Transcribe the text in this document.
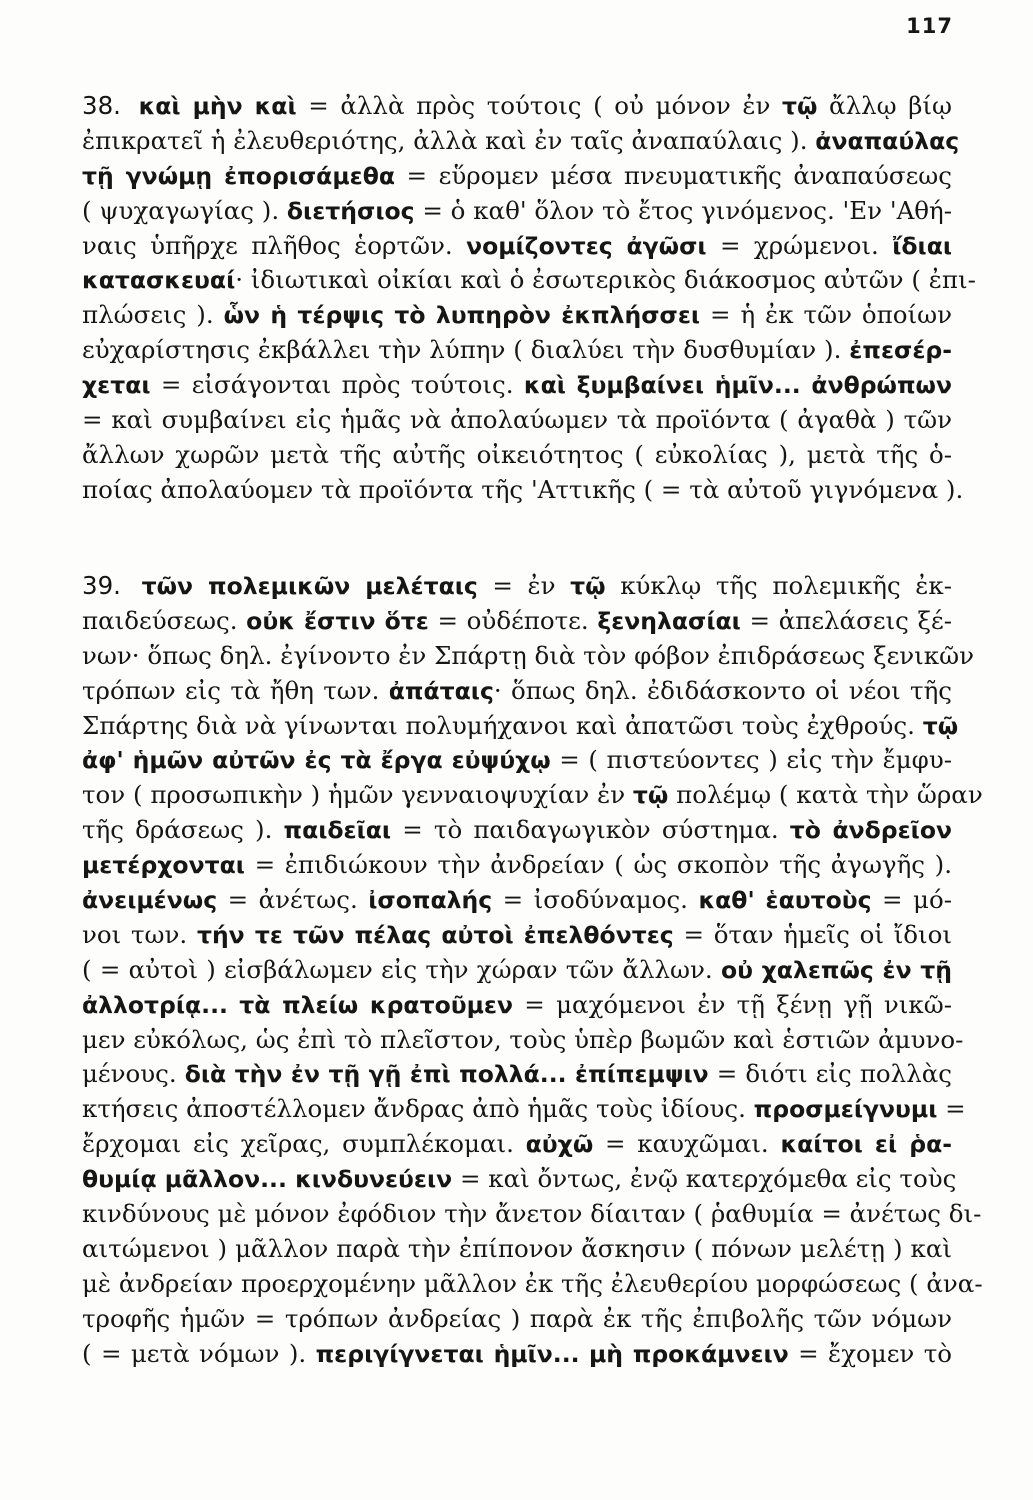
117
38. καὶ μὴν καὶ = ἀλλὰ πρὸς τούτοις ( οὐ μόνον ἐν τῷ ἄλλῳ βίῳ
ἐπικρατεῖ ἡ ἐλευθεριότης, ἀλλὰ καὶ ἐν ταῖς ἀναπαύλαις ). ἀναπαύλας
τῇ γνώμῃ ἐπορισάμεθα = εὕρομεν μέσα πνευματικῆς ἀναπαύσεως
( ψυχαγωγίας ). διετήσιος = ὁ καθ' ὅλον τὸ ἔτος γινόμενος. 'Εν 'Αθή-
ναις ὑπῆρχε πλῆθος ἑορτῶν. νομίζοντες ἀγῶσι = χρώμενοι. ἴδιαι
κατασκευαί· ἰδιωτικαὶ οἰκίαι καὶ ὁ ἐσωτερικὸς διάκοσμος αὐτῶν ( ἐπι-
πλώσεις ). ὧν ἡ τέρψις τὸ λυπηρὸν ἐκπλήσσει = ἡ ἐκ τῶν ὁποίων
εὐχαρίστησις ἐκβάλλει τὴν λύπην ( διαλύει τὴν δυσθυμίαν ). ἐπεσέρ-
χεται = εἰσάγονται πρὸς τούτοις. καὶ ξυμβαίνει ἡμῖν... ἀνθρώπων
= καὶ συμβαίνει εἰς ἡμᾶς νὰ ἀπολαύωμεν τὰ προϊόντα ( ἀγαθὰ ) τῶν
ἄλλων χωρῶν μετὰ τῆς αὐτῆς οἰκειότητος ( εὐκολίας ), μετὰ τῆς ὁ-
ποίας ἀπολαύομεν τὰ προϊόντα τῆς 'Αττικῆς ( = τὰ αὐτοῦ γιγνόμενα ).
39. τῶν πολεμικῶν μελέταις = ἐν τῷ κύκλῳ τῆς πολεμικῆς ἐκ-
παιδεύσεως. οὐκ ἔστιν ὅτε = οὐδέποτε. ξενηλασίαι = ἀπελάσεις ξέ-
νων· ὅπως δηλ. ἐγίνοντο ἐν Σπάρτῃ διὰ τὸν φόβον ἐπιδράσεως ξενικῶν
τρόπων εἰς τὰ ἤθη των. ἀπάταις· ὅπως δηλ. ἐδιδάσκοντο οἱ νέοι τῆς
Σπάρτης διὰ νὰ γίνωνται πολυμήχανοι καὶ ἀπατῶσι τοὺς ἐχθρούς. τῷ
ἀφ' ἡμῶν αὐτῶν ἐς τὰ ἔργα εὐψύχῳ = ( πιστεύοντες ) εἰς τὴν ἔμφυ-
τον ( προσωπικὴν ) ἡμῶν γενναιοψυχίαν ἐν τῷ πολέμῳ ( κατὰ τὴν ὥραν
τῆς δράσεως ). παιδεῖαι = τὸ παιδαγωγικὸν σύστημα. τὸ ἀνδρεῖον
μετέρχονται = ἐπιδιώκουν τὴν ἀνδρείαν ( ὡς σκοπὸν τῆς ἀγωγῆς ).
ἀνειμένως = ἀνέτως. ἰσοπαλής = ἰσοδύναμος. καθ' ἑαυτοὺς = μό-
νοι των. τήν τε τῶν πέλας αὐτοὶ ἐπελθόντες = ὅταν ἡμεῖς οἱ ἴδιοι
( = αὐτοὶ ) εἰσβάλωμεν εἰς τὴν χώραν τῶν ἄλλων. οὐ χαλεπῶς ἐν τῇ
ἀλλοτρίᾳ... τὰ πλείω κρατοῦμεν = μαχόμενοι ἐν τῇ ξένῃ γῇ νικῶ-
μεν εὐκόλως, ὡς ἐπὶ τὸ πλεῖστον, τοὺς ὑπὲρ βωμῶν καὶ ἑστιῶν ἀμυνο-
μένους. διὰ τὴν ἐν τῇ γῇ ἐπὶ πολλά... ἐπίπεμψιν = διότι εἰς πολλὰς
κτήσεις ἀποστέλλομεν ἄνδρας ἀπὸ ἡμᾶς τοὺς ἰδίους. προσμείγνυμι =
ἔρχομαι εἰς χεῖρας, συμπλέκομαι. αὐχῶ = καυχῶμαι. καίτοι εἰ ῥα-
θυμίᾳ μᾶλλον... κινδυνεύειν = καὶ ὄντως, ἐνῷ κατερχόμεθα εἰς τοὺς
κινδύνους μὲ μόνον ἐφόδιον τὴν ἄνετον δίαιταν ( ῥαθυμία = ἀνέτως δι-
αιτώμενοι ) μᾶλλον παρὰ τὴν ἐπίπονον ἄσκησιν ( πόνων μελέτῃ ) καὶ
μὲ ἀνδρείαν προερχομένην μᾶλλον ἐκ τῆς ἐλευθερίου μορφώσεως ( ἀνα-
τροφῆς ἡμῶν = τρόπων ἀνδρείας ) παρὰ ἐκ τῆς ἐπιβολῆς τῶν νόμων
( = μετὰ νόμων ). περιγίγνεται ἡμῖν... μὴ προκάμνειν = ἔχομεν τὸ
